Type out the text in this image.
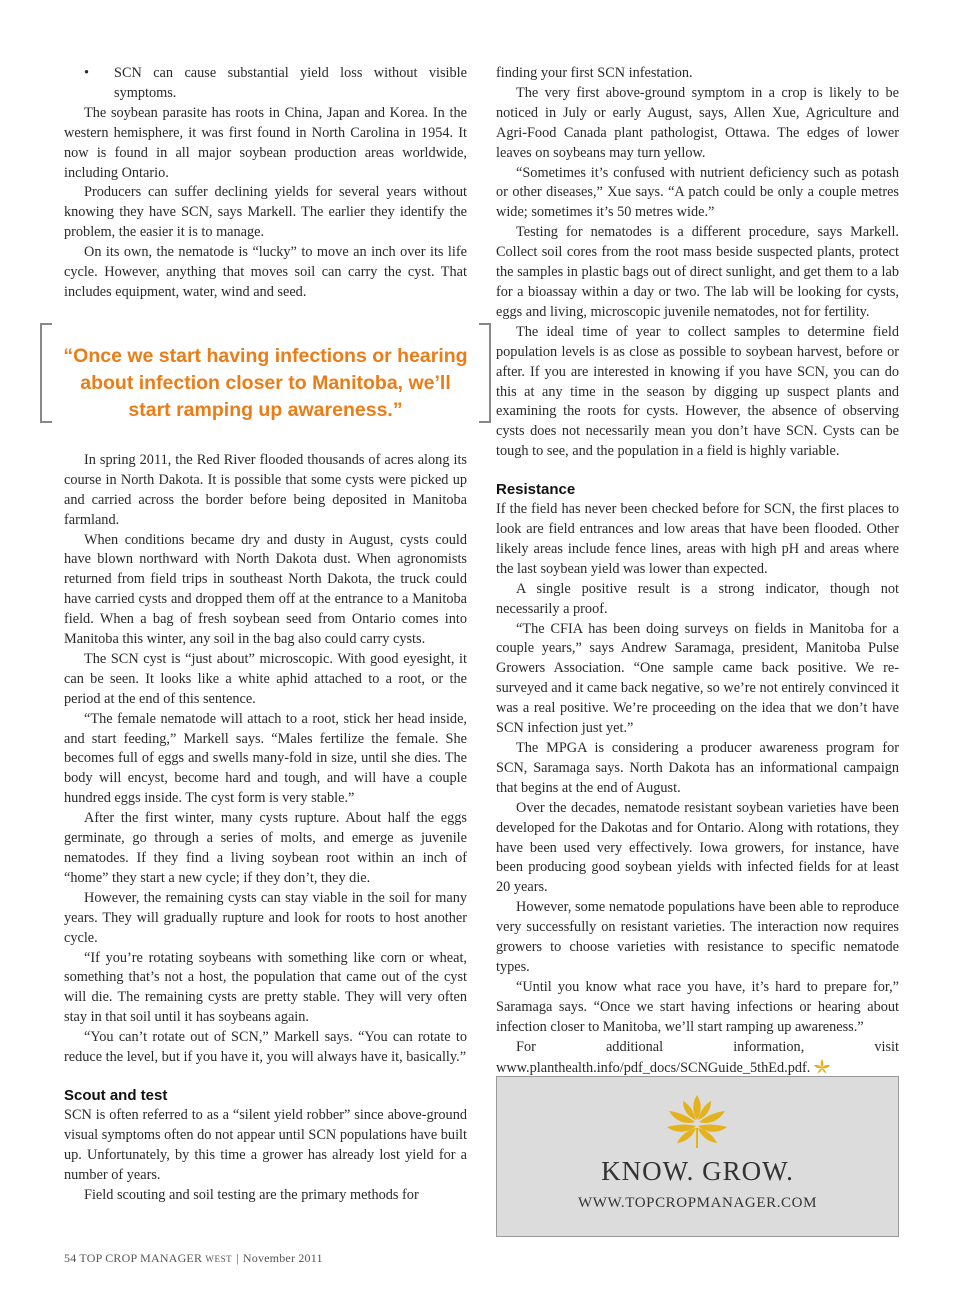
•	SCN can cause substantial yield loss without visible symptoms.

The soybean parasite has roots in China, Japan and Korea. In the western hemisphere, it was first found in North Carolina in 1954. It now is found in all major soybean production areas worldwide, including Ontario.

Producers can suffer declining yields for several years without knowing they have SCN, says Markell. The earlier they identify the problem, the easier it is to manage.

On its own, the nematode is “lucky” to move an inch over its life cycle. However, anything that moves soil can carry the cyst. That includes equipment, water, wind and seed.

“Once we start having infections or hearing about infection closer to Manitoba, we’ll start ramping up awareness.”

In spring 2011, the Red River flooded thousands of acres along its course in North Dakota. It is possible that some cysts were picked up and carried across the border before being deposited in Manitoba farmland.

When conditions became dry and dusty in August, cysts could have blown northward with North Dakota dust. When agronomists returned from field trips in southeast North Dakota, the truck could have carried cysts and dropped them off at the entrance to a Manitoba field. When a bag of fresh soybean seed from Ontario comes into Manitoba this winter, any soil in the bag also could carry cysts.

The SCN cyst is “just about” microscopic. With good eyesight, it can be seen. It looks like a white aphid attached to a root, or the period at the end of this sentence.

“The female nematode will attach to a root, stick her head inside, and start feeding,” Markell says. “Males fertilize the female. She becomes full of eggs and swells many-fold in size, until she dies. The body will encyst, become hard and tough, and will have a couple hundred eggs inside. The cyst form is very stable.”

After the first winter, many cysts rupture. About half the eggs germinate, go through a series of molts, and emerge as juvenile nematodes. If they find a living soybean root within an inch of “home” they start a new cycle; if they don’t, they die.

However, the remaining cysts can stay viable in the soil for many years. They will gradually rupture and look for roots to host another cycle.

“If you’re rotating soybeans with something like corn or wheat, something that’s not a host, the population that came out of the cyst will die. The remaining cysts are pretty stable. They will very often stay in that soil until it has soybeans again.

“You can’t rotate out of SCN,” Markell says. “You can rotate to reduce the level, but if you have it, you will always have it, basically.”

Scout and test

SCN is often referred to as a “silent yield robber” since above-ground visual symptoms often do not appear until SCN populations have built up. Unfortunately, by this time a grower has already lost yield for a number of years.

Field scouting and soil testing are the primary methods for

finding your first SCN infestation.

The very first above-ground symptom in a crop is likely to be noticed in July or early August, says, Allen Xue, Agriculture and Agri-Food Canada plant pathologist, Ottawa. The edges of lower leaves on soybeans may turn yellow.

“Sometimes it’s confused with nutrient deficiency such as potash or other diseases,” Xue says. “A patch could be only a couple metres wide; sometimes it’s 50 metres wide.”

Testing for nematodes is a different procedure, says Markell. Collect soil cores from the root mass beside suspected plants, protect the samples in plastic bags out of direct sunlight, and get them to a lab for a bioassay within a day or two. The lab will be looking for cysts, eggs and living, microscopic juvenile nematodes, not for fertility.

The ideal time of year to collect samples to determine field population levels is as close as possible to soybean harvest, before or after. If you are interested in knowing if you have SCN, you can do this at any time in the season by digging up suspect plants and examining the roots for cysts. However, the absence of observing cysts does not necessarily mean you don’t have SCN. Cysts can be tough to see, and the population in a field is highly variable.

Resistance

If the field has never been checked before for SCN, the first places to look are field entrances and low areas that have been flooded. Other likely areas include fence lines, areas with high pH and areas where the last soybean yield was lower than expected.

A single positive result is a strong indicator, though not necessarily a proof.

“The CFIA has been doing surveys on fields in Manitoba for a couple years,” says Andrew Saramaga, president, Manitoba Pulse Growers Association. “One sample came back positive. We re-surveyed and it came back negative, so we’re not entirely convinced it was a real positive. We’re proceeding on the idea that we don’t have SCN infection just yet.”

The MPGA is considering a producer awareness program for SCN, Saramaga says. North Dakota has an informational campaign that begins at the end of August.

Over the decades, nematode resistant soybean varieties have been developed for the Dakotas and for Ontario. Along with rotations, they have been used very effectively. Iowa growers, for instance, have been producing good soybean yields with infected fields for at least 20 years.

However, some nematode populations have been able to reproduce very successfully on resistant varieties. The interaction now requires growers to choose varieties with resistance to specific nematode types.

“Until you know what race you have, it’s hard to prepare for,” Saramaga says. “Once we start having infections or hearing about infection closer to Manitoba, we’ll start ramping up awareness.”

For additional information, visit www.planthealth.info/pdf_docs/SCNGuide_5thEd.pdf.

KNOW. GROW.
WWW.TOPCROPMANAGER.COM
54 TOP CROP MANAGER WEST | November 2011
